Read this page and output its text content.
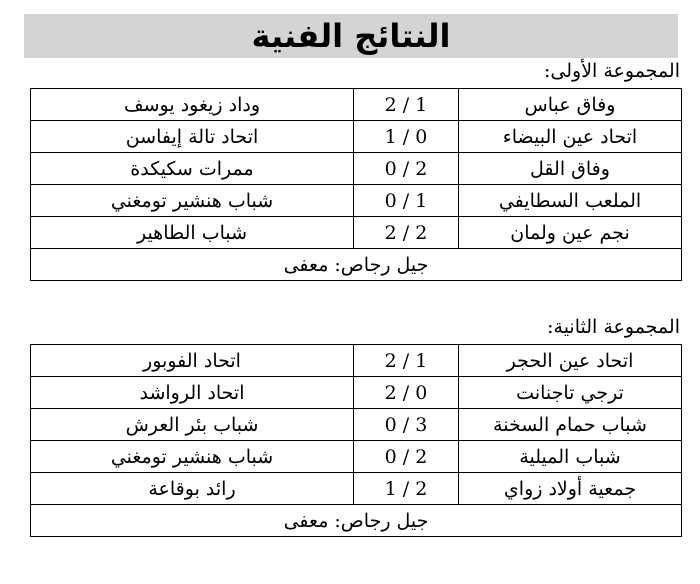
النتائج الفنية
المجموعة الأولى:
وفاق عباس	2 / 1	وداد زيغود يوسف
اتحاد عين البيضاء	1 / 0	اتحاد تالة إيفاسن
وفاق القل	0 / 2	ممرات سكيكدة
الملعب السطايفي	0 / 1	شباب هنشير تومغني
نجم عين ولمان	2 / 2	شباب الطاهير
جيل رجاص: معفى		
المجموعة الثانية:
اتحاد عين الحجر	2 / 1	اتحاد الفوبور
ترجي تاجنانت	2 / 0	اتحاد الرواشد
شباب حمام السخنة	0 / 3	شباب بئر العرش
شباب الميلية	0 / 2	شباب هنشير تومغني
جمعية أولاد زواي	1 / 2	رائد بوقاعة
جيل رجاص: معفى		
